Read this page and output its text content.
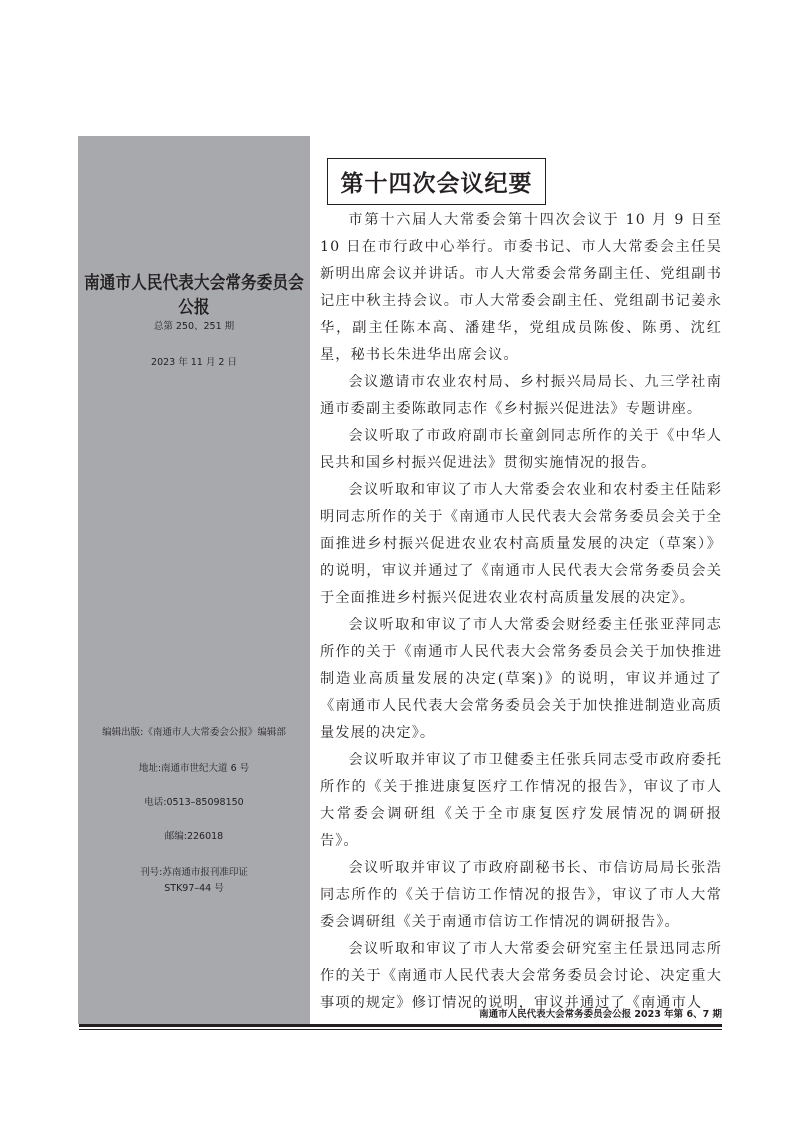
南通市人民代表大会常务委员会公报
总第 250、251 期
2023 年 11 月 2 日
编辑出版:《南通市人大常委会公报》编辑部
地址:南通市世纪大道 6 号
电话:0513–85098150
邮编:226018
刊号:苏南通市报刊准印证
STK97–44 号
第十四次会议纪要

市第十六届人大常委会第十四次会议于 10 月 9 日至 10 日在市行政中心举行。市委书记、市人大常委会主任吴新明出席会议并讲话。市人大常委会常务副主任、党组副书记庄中秋主持会议。市人大常委会副主任、党组副书记姜永华，副主任陈本高、潘建华，党组成员陈俊、陈勇、沈红星，秘书长朱进华出席会议。

会议邀请市农业农村局、乡村振兴局局长、九三学社南通市委副主委陈敢同志作《乡村振兴促进法》专题讲座。

会议听取了市政府副市长童剑同志所作的关于《中华人民共和国乡村振兴促进法》贯彻实施情况的报告。

会议听取和审议了市人大常委会农业和农村委主任陆彩明同志所作的关于《南通市人民代表大会常务委员会关于全面推进乡村振兴促进农业农村高质量发展的决定（草案）》的说明，审议并通过了《南通市人民代表大会常务委员会关于全面推进乡村振兴促进农业农村高质量发展的决定》。

会议听取和审议了市人大常委会财经委主任张亚萍同志所作的关于《南通市人民代表大会常务委员会关于加快推进制造业高质量发展的决定(草案)》的说明，审议并通过了《南通市人民代表大会常务委员会关于加快推进制造业高质量发展的决定》。

会议听取并审议了市卫健委主任张兵同志受市政府委托所作的《关于推进康复医疗工作情况的报告》，审议了市人大常委会调研组《关于全市康复医疗发展情况的调研报告》。

会议听取并审议了市政府副秘书长、市信访局局长张浩同志所作的《关于信访工作情况的报告》，审议了市人大常委会调研组《关于南通市信访工作情况的调研报告》。

会议听取和审议了市人大常委会研究室主任景迅同志所作的关于《南通市人民代表大会常务委员会讨论、决定重大事项的规定》修订情况的说明，审议并通过了《南通市人

南通市人民代表大会常务委员会公报 2023 年第 6、7 期
